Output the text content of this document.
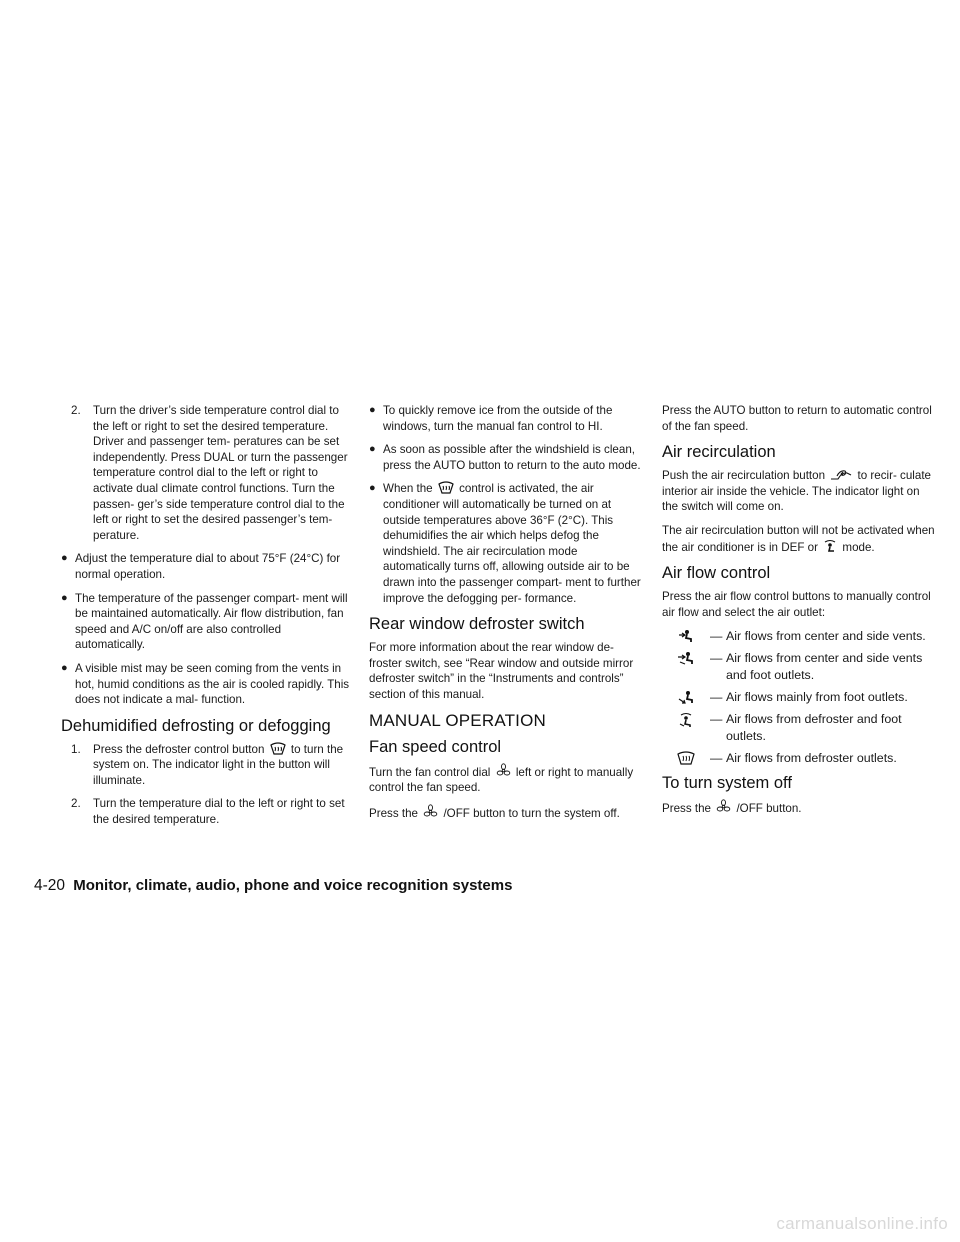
2.	Turn the driver’s side temperature control dial to the left or right to set the desired temperature. Driver and passenger tem- peratures can be set independently. Press DUAL or turn the passenger temperature control dial to the left or right to activate dual climate control functions. Turn the passen- ger’s side temperature control dial to the left or right to set the desired passenger’s tem- perature.
● Adjust the temperature dial to about 75°F (24°C) for normal operation.
● The temperature of the passenger compart- ment will be maintained automatically. Air flow distribution, fan speed and A/C on/off are also controlled automatically.
● A visible mist may be seen coming from the vents in hot, humid conditions as the air is cooled rapidly. This does not indicate a mal- function.
Dehumidified defrosting or defogging
1.	Press the defroster control button to turn the system on. The indicator light in the button will illuminate.
2.	Turn the temperature dial to the left or right to set the desired temperature.
● To quickly remove ice from the outside of the windows, turn the manual fan control to HI.
● As soon as possible after the windshield is clean, press the AUTO button to return to the auto mode.
● When the control is activated, the air conditioner will automatically be turned on at outside temperatures above 36°F (2°C). This dehumidifies the air which helps defog the windshield. The air recirculation mode automatically turns off, allowing outside air to be drawn into the passenger compart- ment to further improve the defogging per- formance.
Rear window defroster switch

For more information about the rear window de- froster switch, see “Rear window and outside mirror defroster switch” in the “Instruments and controls” section of this manual.

MANUAL OPERATION
Fan speed control

Turn the fan control dial left or right to manually control the fan speed.

Press the /OFF button to turn the system off.

Press the AUTO button to return to automatic control of the fan speed.

Air recirculation

Push the air recirculation button	to recir- culate interior air inside the vehicle. The indicator light on the switch will come on.

The air recirculation button will not be activated when the air conditioner is in DEF or mode.

Air flow control

Press the air flow control buttons to manually control air flow and select the air outlet:

— Air flows from center and side vents.
— Air flows from center and side vents and foot outlets.
— Air flows mainly from foot outlets.
— Air flows from defroster and foot outlets.
— Air flows from defroster outlets.
To turn system off

Press the /OFF button.

4-20 Monitor, climate, audio, phone and voice recognition systems
carmanualsonline.info
